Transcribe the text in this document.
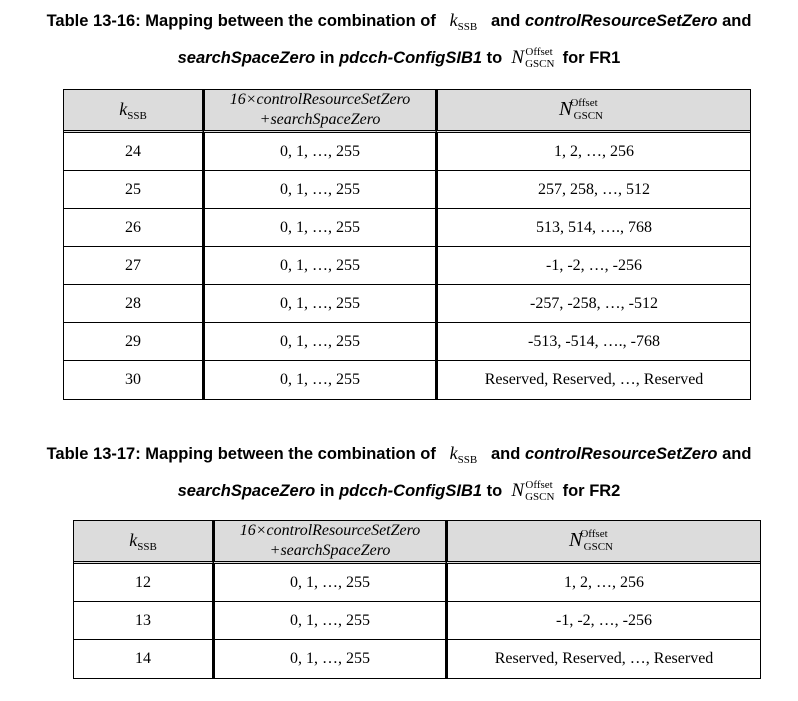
Table 13-16: Mapping between the combination of $k_{SSB}$ and controlResourceSetZero and
searchSpaceZero in pdcch-ConfigSIB1 to N Offset
$_{GSCN}$ for FR1
$k_{SSB}$	16×controlResourceSetZero
+searchSpaceZero	$N^{Offset}_{GSCN}$
24	0, 1, …, 255	1, 2, …, 256
25	0, 1, …, 255	257, 258, …, 512
26	0, 1, …, 255	513, 514, …., 768
27	0, 1, …, 255	-1, -2, …, -256
28	0, 1, …, 255	-257, -258, …, -512
29	0, 1, …, 255	-513, -514, …., -768
30	0, 1, …, 255	Reserved, Reserved, …, Reserved
Table 13-17: Mapping between the combination of $k_{SSB}$ and controlResourceSetZero and
searchSpaceZero in pdcch-ConfigSIB1 to N Offset
$_{GSCN}$ for FR2
$k_{SSB}$	16×controlResourceSetZero
+searchSpaceZero	$N^{Offset}_{GSCN}$
12	0, 1, …, 255	1, 2, …, 256
13	0, 1, …, 255	-1, -2, …, -256
14	0, 1, …, 255	Reserved, Reserved, …, Reserved
